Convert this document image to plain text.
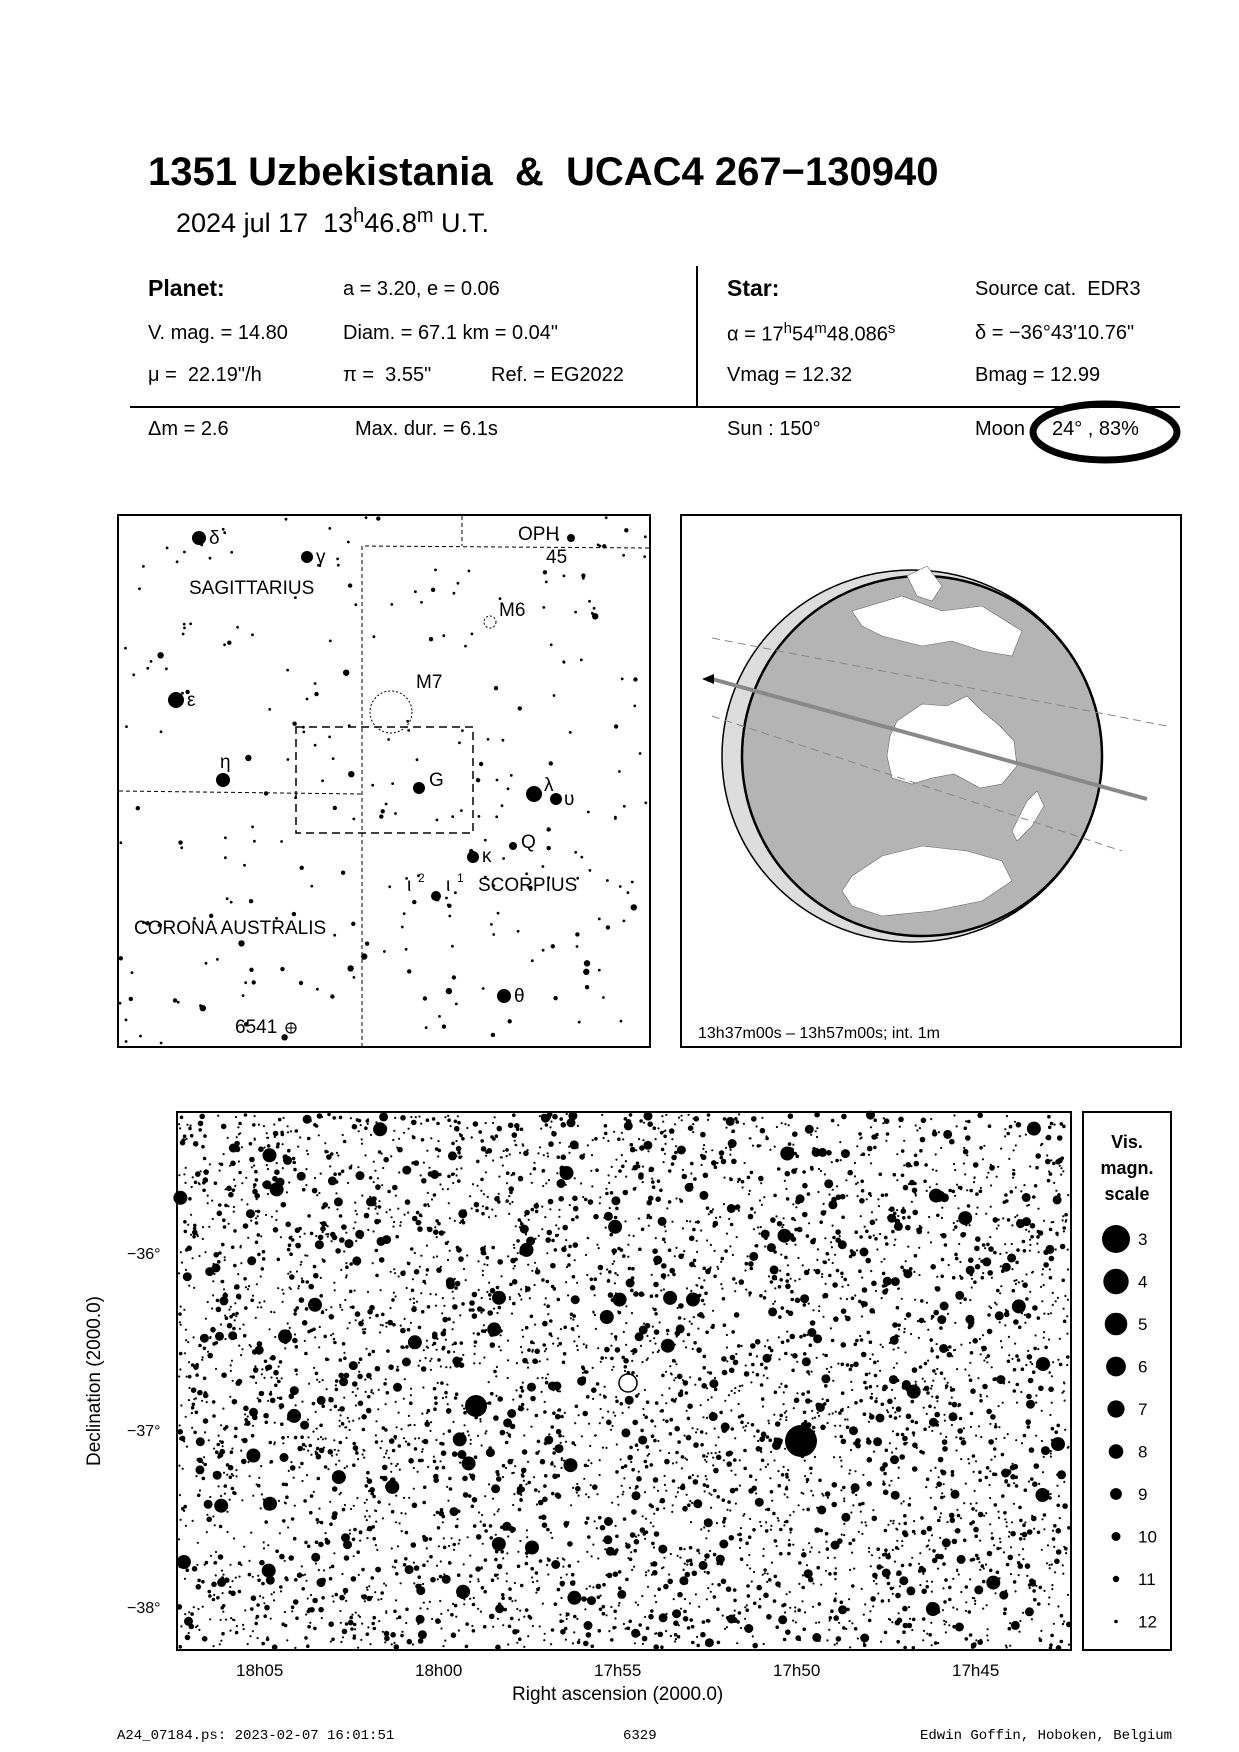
1351 Uzbekistania  &  UCAC4 267−130940
2024 jul 17  13$^h$46.8$^m$ U.T.
Planet:	a = 3.20, e = 0.06
V. mag. = 14.80	Diam. = 67.1 km = 0.04"
μ =  22.19"/h	π =  3.55"	Ref. = EG2022
Star:	Source cat.  EDR3
$\alpha = 17^h54^m48.086^s$	δ = −36°43'10.76"
Vmag = 12.32	Bmag = 12.99
Δm = 2.6	Max. dur. = 6.1s	Sun : 150°	Moon 24° , 83%
δ
γ
ε
η
λ
υ
κ
θ
OPH
45
SAGITTARIUS
M6
M7
G
Q
SCORPIUS
CORONA AUSTRALIS
6541
ι 2 ι 1
13h37m00s – 13h57m00s; int. 1m
−36°
−37°
−38°
18h05	18h00	17h55	17h50	17h45
Right ascension (2000.0)
Declination (2000.0)
Vis.
magn.
scale
3
4
5
6
7
8
9
10
11
12
A24_07184.ps: 2023-02-07 16:01:51	6329	Edwin Goffin, Hoboken, Belgium
